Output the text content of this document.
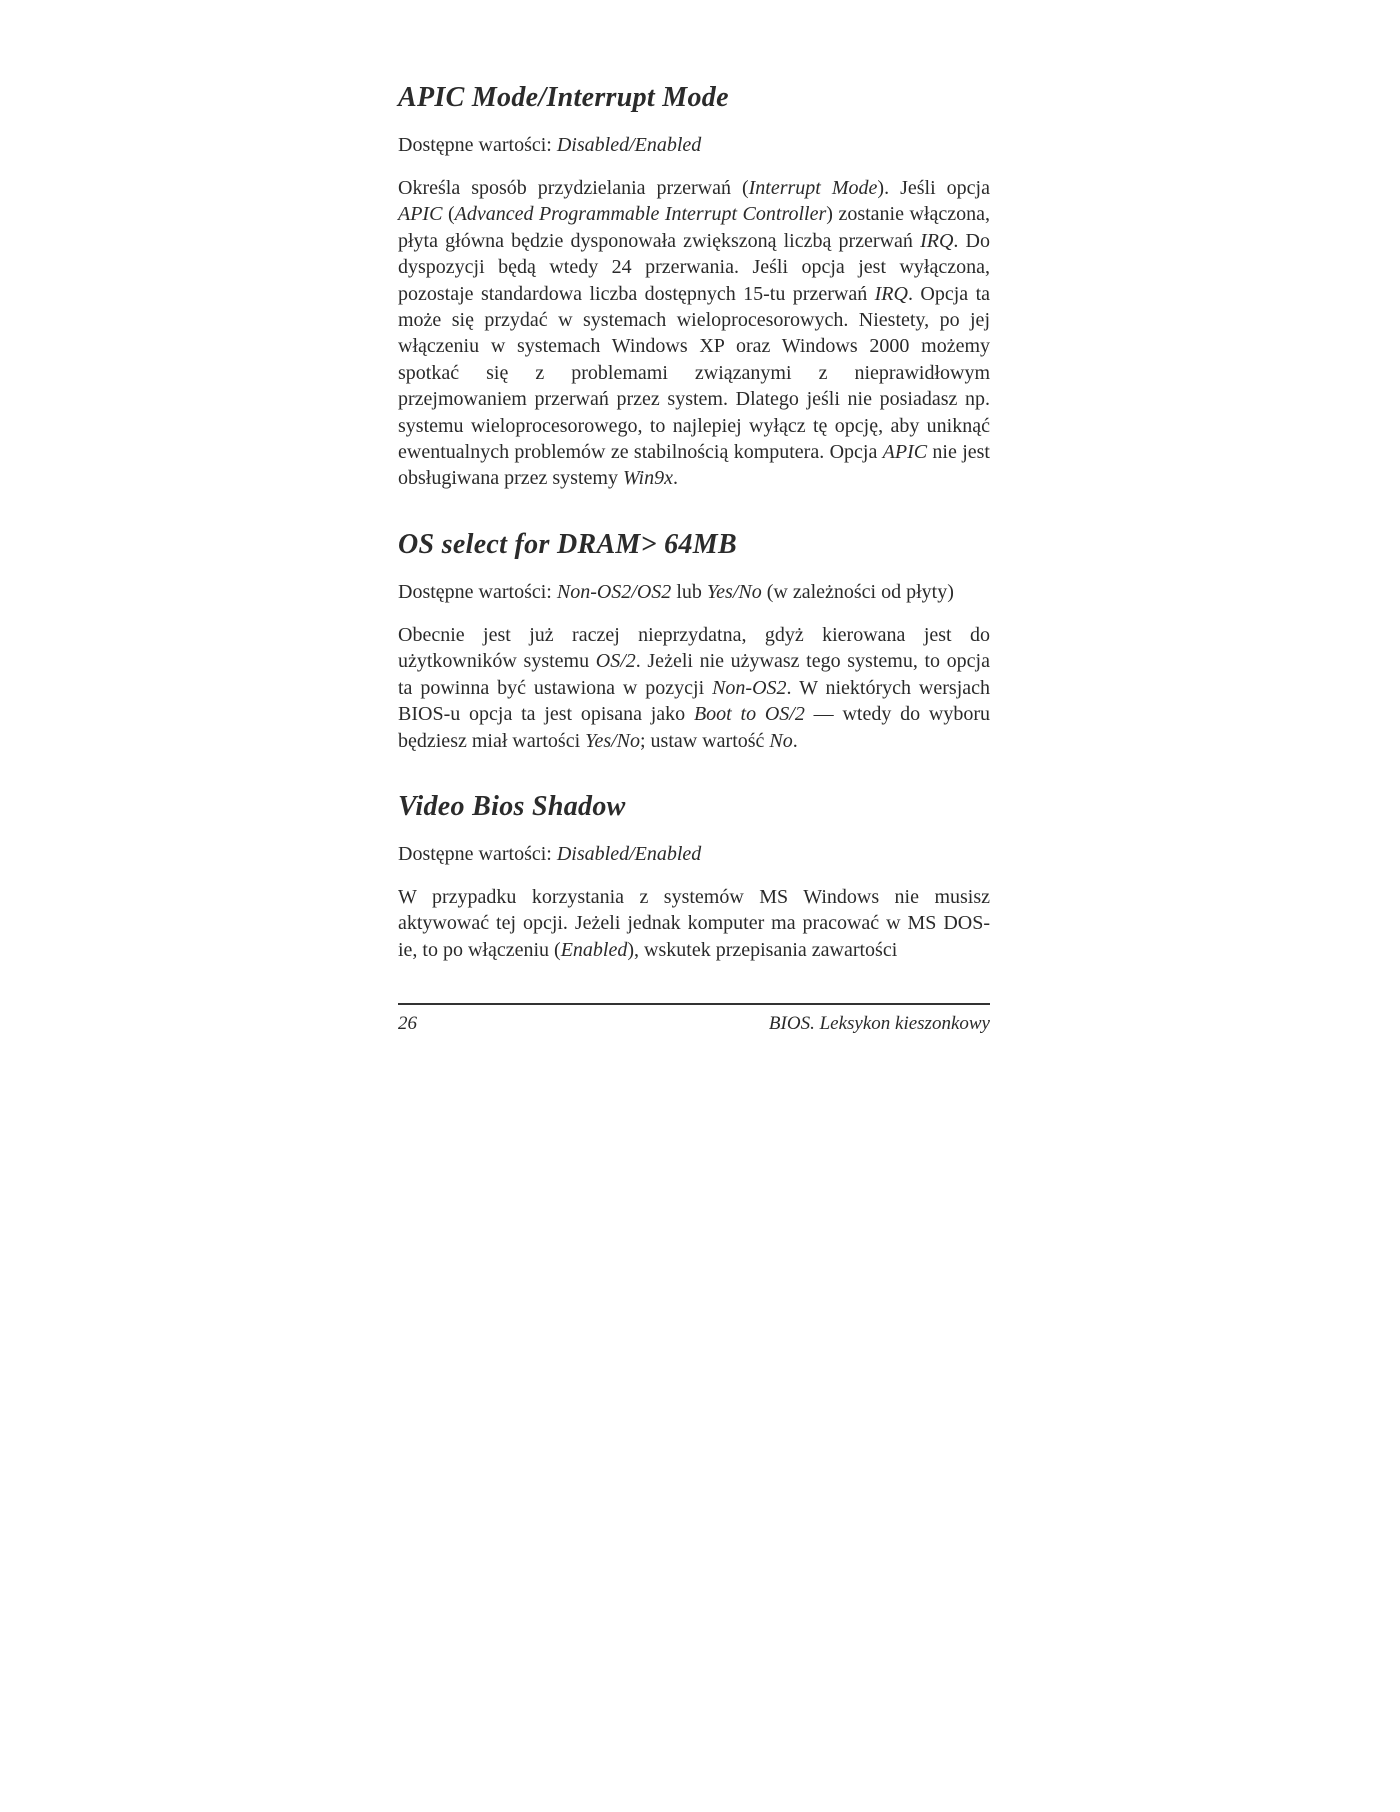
APIC Mode/Interrupt Mode

Dostępne wartości: Disabled/Enabled

Określa sposób przydzielania przerwań (Interrupt Mode). Jeśli opcja APIC (Advanced Programmable Interrupt Controller) zostanie włączona, płyta główna będzie dysponowała zwiększoną liczbą przerwań IRQ. Do dyspozycji będą wtedy 24 przerwania. Jeśli opcja jest wyłączona, pozostaje standardowa liczba dostępnych 15-tu przerwań IRQ. Opcja ta może się przydać w systemach wieloprocesorowych. Niestety, po jej włączeniu w systemach Windows XP oraz Windows 2000 możemy spotkać się z problemami związanymi z nieprawidłowym przejmowaniem przerwań przez system. Dlatego jeśli nie posiadasz np. systemu wieloprocesorowego, to najlepiej wyłącz tę opcję, aby uniknąć ewentualnych problemów ze stabilnością komputera. Opcja APIC nie jest obsługiwana przez systemy Win9x.

OS select for DRAM> 64MB

Dostępne wartości: Non-OS2/OS2 lub Yes/No (w zależności od płyty)

Obecnie jest już raczej nieprzydatna, gdyż kierowana jest do użytkowników systemu OS/2. Jeżeli nie używasz tego systemu, to opcja ta powinna być ustawiona w pozycji Non-OS2. W niektórych wersjach BIOS-u opcja ta jest opisana jako Boot to OS/2 — wtedy do wyboru będziesz miał wartości Yes/No; ustaw wartość No.

Video Bios Shadow

Dostępne wartości: Disabled/Enabled

W przypadku korzystania z systemów MS Windows nie musisz aktywować tej opcji. Jeżeli jednak komputer ma pracować w MS DOS-ie, to po włączeniu (Enabled), wskutek przepisania zawartości

26	BIOS. Leksykon kieszonkowy
